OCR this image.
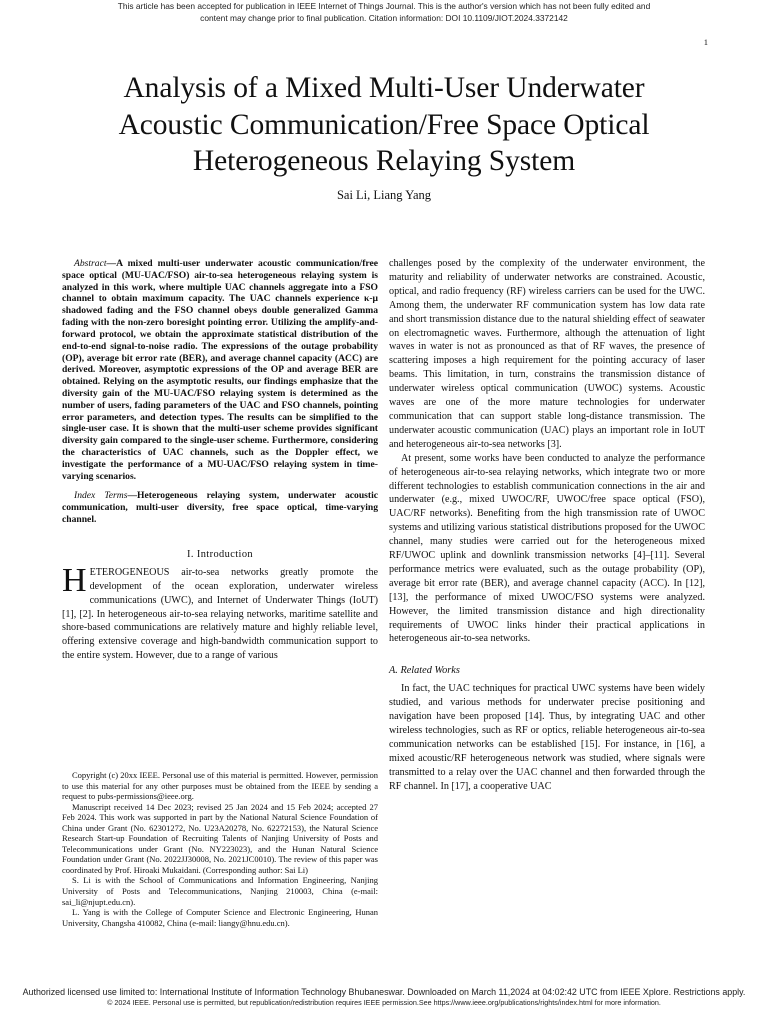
This article has been accepted for publication in IEEE Internet of Things Journal. This is the author's version which has not been fully edited and
content may change prior to final publication. Citation information: DOI 10.1109/JIOT.2024.3372142
1
Analysis of a Mixed Multi-User Underwater
Acoustic Communication/Free Space Optical
Heterogeneous Relaying System
Sai Li, Liang Yang

Abstract—A mixed multi-user underwater acoustic communication/free space optical (MU-UAC/FSO) air-to-sea heterogeneous relaying system is analyzed in this work, where multiple UAC channels aggregate into a FSO channel to obtain maximum capacity. The UAC channels experience κ-μ shadowed fading and the FSO channel obeys double generalized Gamma fading with the non-zero boresight pointing error. Utilizing the amplify-and-forward protocol, we obtain the approximate statistical distribution of the end-to-end signal-to-noise radio. The expressions of the outage probability (OP), average bit error rate (BER), and average channel capacity (ACC) are derived. Moreover, asymptotic expressions of the OP and average BER are obtained. Relying on the asymptotic results, our findings emphasize that the diversity gain of the MU-UAC/FSO relaying system is determined as the number of users, fading parameters of the UAC and FSO channels, pointing error parameters, and detection types. The results can be simplified to the single-user case. It is shown that the multi-user scheme provides significant diversity gain compared to the single-user scheme. Furthermore, considering the characteristics of UAC channels, such as the Doppler effect, we investigate the performance of a MU-UAC/FSO relaying system in time-varying scenarios.

Index Terms—Heterogeneous relaying system, underwater acoustic communication, multi-user diversity, free space optical, time-varying channel.

I. Introduction

HETEROGENEOUS air-to-sea networks greatly promote the development of the ocean exploration, underwater wireless communications (UWC), and Internet of Underwater Things (IoUT) [1], [2]. In heterogeneous air-to-sea relaying networks, maritime satellite and shore-based communications are relatively mature and highly reliable level, offering extensive coverage and high-bandwidth communication support to the entire system. However, due to a range of various

Copyright (c) 20xx IEEE. Personal use of this material is permitted. However, permission to use this material for any other purposes must be obtained from the IEEE by sending a request to pubs-permissions@ieee.org.

Manuscript received 14 Dec 2023; revised 25 Jan 2024 and 15 Feb 2024; accepted 27 Feb 2024. This work was supported in part by the National Natural Science Foundation of China under Grant (No. 62301272, No. U23A20278, No. 62272153), the Natural Science Research Start-up Foundation of Recruiting Talents of Nanjing University of Posts and Telecommunications under Grant (No. NY223023), and the Hunan Natural Science Foundation under Grant (No. 2022JJ30008, No. 2021JC0010). The review of this paper was coordinated by Prof. Hiroaki Mukaidani. (Corresponding author: Sai Li)

S. Li is with the School of Communications and Information Engineering, Nanjing University of Posts and Telecommunications, Nanjing 210003, China (e-mail: sai_li@njupt.edu.cn).

L. Yang is with the College of Computer Science and Electronic Engineering, Hunan University, Changsha 410082, China (e-mail: liangy@hnu.edu.cn).

challenges posed by the complexity of the underwater environment, the maturity and reliability of underwater networks are constrained. Acoustic, optical, and radio frequency (RF) wireless carriers can be used for the UWC. Among them, the underwater RF communication system has low data rate and short transmission distance due to the natural shielding effect of seawater on electromagnetic waves. Furthermore, although the attenuation of light waves in water is not as pronounced as that of RF waves, the presence of scattering imposes a high requirement for the pointing accuracy of laser beams. This limitation, in turn, constrains the transmission distance of underwater wireless optical communication (UWOC) systems. Acoustic waves are one of the more mature technologies for underwater communication that can support stable long-distance transmission. The underwater acoustic communication (UAC) plays an important role in IoUT and heterogeneous air-to-sea networks [3].

At present, some works have been conducted to analyze the performance of heterogeneous air-to-sea relaying networks, which integrate two or more different technologies to establish communication connections in the air and underwater (e.g., mixed UWOC/RF, UWOC/free space optical (FSO), UAC/RF networks). Benefiting from the high transmission rate of UWOC systems and utilizing various statistical distributions proposed for the UWOC channel, many studies were carried out for the heterogeneous mixed RF/UWOC uplink and downlink transmission networks [4]–[11]. Several performance metrics were evaluated, such as the outage probability (OP), average bit error rate (BER), and average channel capacity (ACC). In [12], [13], the performance of mixed UWOC/FSO systems were analyzed. However, the limited transmission distance and high directionality requirements of UWOC links hinder their practical applications in heterogeneous air-to-sea networks.

A. Related Works

In fact, the UAC techniques for practical UWC systems have been widely studied, and various methods for underwater precise positioning and navigation have been proposed [14]. Thus, by integrating UAC and other wireless technologies, such as RF or optics, reliable heterogeneous air-to-sea communication networks can be established [15]. For instance, in [16], a mixed acoustic/RF heterogeneous network was studied, where signals were transmitted to a relay over the UAC channel and then forwarded through the RF channel. In [17], a cooperative UAC

Authorized licensed use limited to: International Institute of Information Technology Bhubaneswar. Downloaded on March 11,2024 at 04:02:42 UTC from IEEE Xplore. Restrictions apply.
© 2024 IEEE. Personal use is permitted, but republication/redistribution requires IEEE permission.See https://www.ieee.org/publications/rights/index.html for more information.
